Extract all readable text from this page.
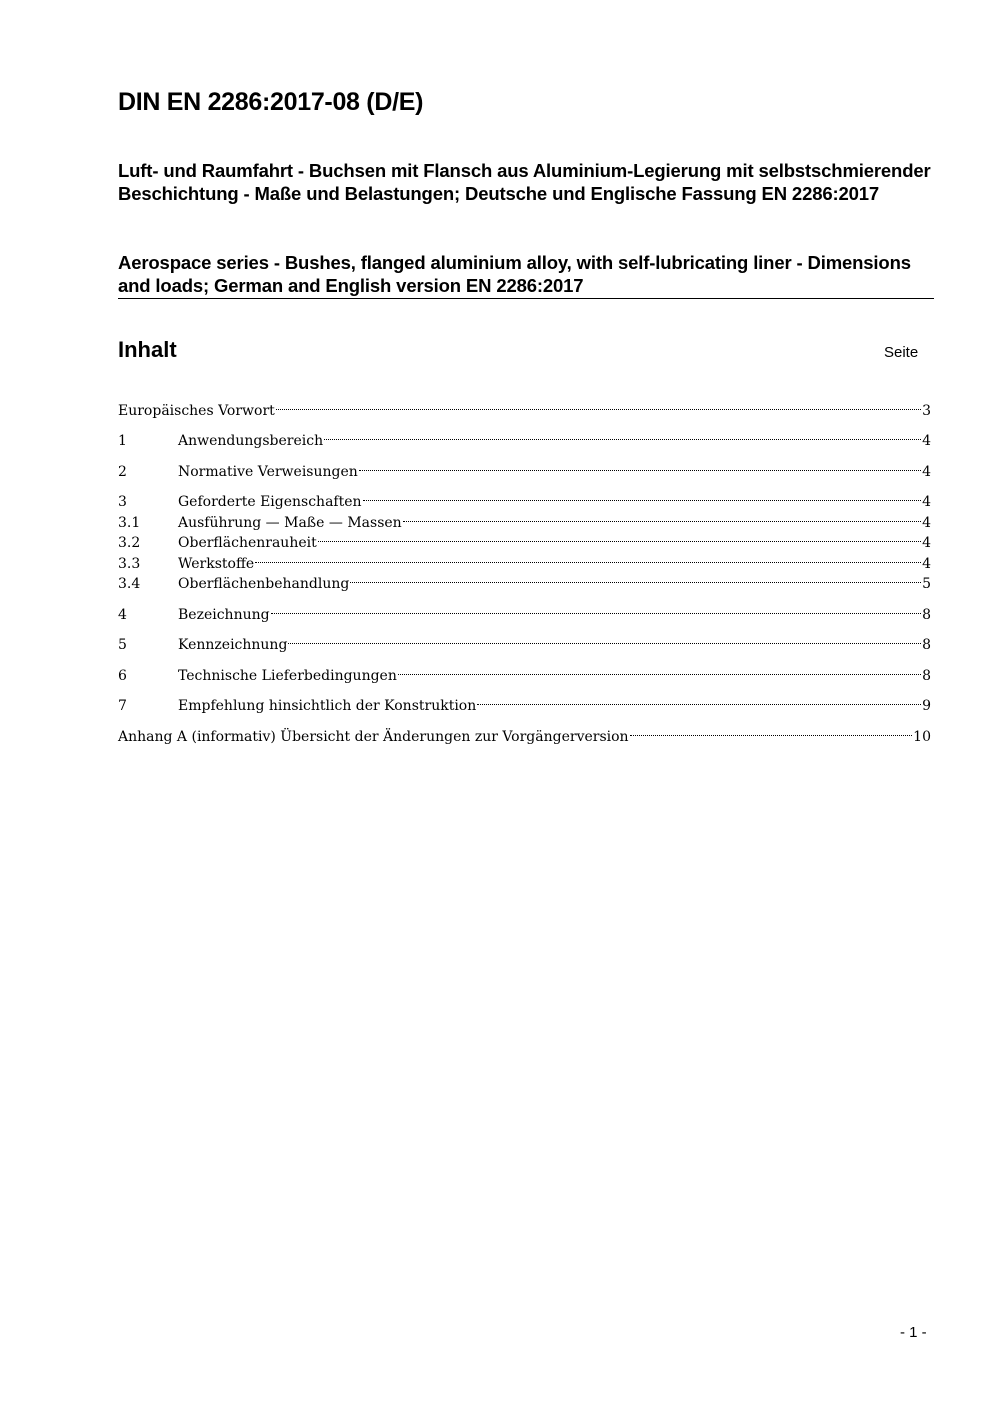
DIN EN 2286:2017-08 (D/E)

Luft- und Raumfahrt - Buchsen mit Flansch aus Aluminium-Legierung mit selbstschmierender Beschichtung - Maße und Belastungen; Deutsche und Englische Fassung EN 2286:2017

Aerospace series - Bushes, flanged aluminium alloy, with self-lubricating liner - Dimensions and loads; German and English version EN 2286:2017

Inhalt	Seite
Europäisches Vorwort	3
1	Anwendungsbereich	4
2	Normative Verweisungen	4
3	Geforderte Eigenschaften	4
3.1	Ausführung — Maße — Massen	4
3.2	Oberflächenrauheit	4
3.3	Werkstoffe	4
3.4	Oberflächenbehandlung	5
4	Bezeichnung	8
5	Kennzeichnung	8
6	Technische Lieferbedingungen	8
7	Empfehlung hinsichtlich der Konstruktion	9
Anhang A (informativ) Übersicht der Änderungen zur Vorgängerversion	10
- 1 -
